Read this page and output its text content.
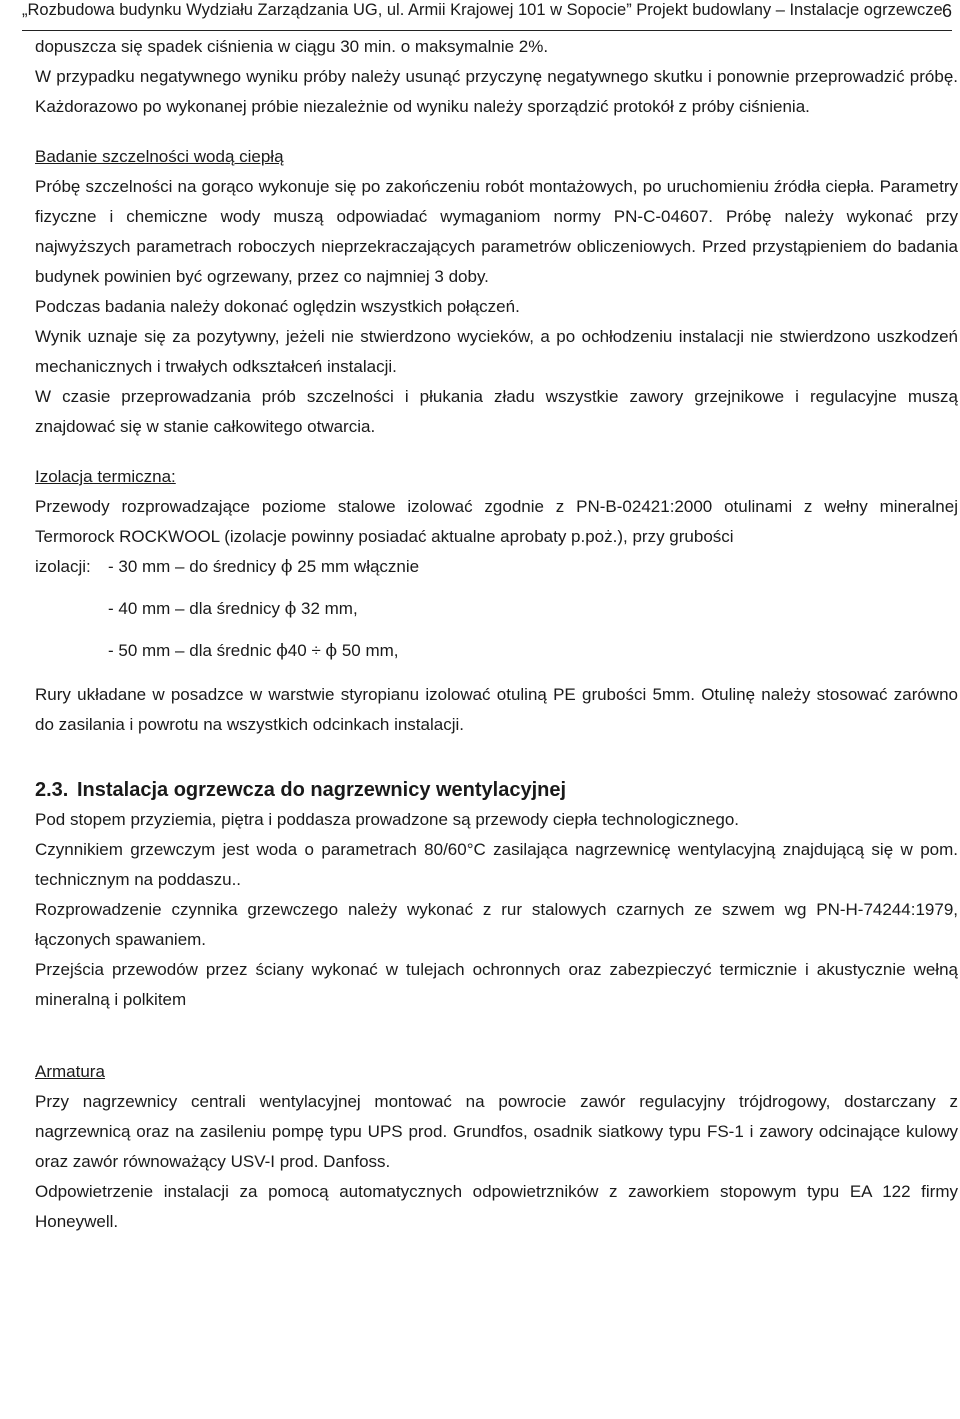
„Rozbudowa budynku Wydziału Zarządzania UG, ul. Armii Krajowej 101 w Sopocie” Projekt budowlany – Instalacje ogrzewcze 6

dopuszcza się spadek ciśnienia w ciągu 30 min. o maksymalnie 2%.

W przypadku negatywnego wyniku próby należy usunąć przyczynę negatywnego skutku i ponownie przeprowadzić próbę. Każdorazowo po wykonanej próbie niezależnie od wyniku należy sporządzić protokół z próby ciśnienia.

Badanie szczelności wodą ciepłą

Próbę szczelności na gorąco wykonuje się po zakończeniu robót montażowych, po uruchomieniu źródła ciepła. Parametry fizyczne i chemiczne wody muszą odpowiadać wymaganiom normy PN-C-04607. Próbę należy wykonać przy najwyższych parametrach roboczych nieprzekraczających parametrów obliczeniowych. Przed przystąpieniem do badania budynek powinien być ogrzewany, przez co najmniej 3 doby.

Podczas badania należy dokonać oględzin wszystkich połączeń.

Wynik uznaje się za pozytywny, jeżeli nie stwierdzono wycieków, a po ochłodzeniu instalacji nie stwierdzono uszkodzeń mechanicznych i trwałych odkształceń instalacji.

W czasie przeprowadzania prób szczelności i płukania zładu wszystkie zawory grzejnikowe i regulacyjne muszą znajdować się w stanie całkowitego otwarcia.

Izolacja termiczna:

Przewody rozprowadzające poziome stalowe izolować zgodnie z PN-B-02421:2000 otulinami z wełny mineralnej Termorock ROCKWOOL (izolacje powinny posiadać aktualne aprobaty p.poż.), przy grubości

izolacji: - 30 mm – do średnicy ϕ 25 mm włącznie
- 40 mm – dla średnicy ϕ 32 mm,
- 50 mm – dla średnic ϕ40 ÷ ϕ 50 mm,

Rury układane w posadzce w warstwie styropianu izolować otuliną PE grubości 5mm. Otulinę należy stosować zarówno do zasilania i powrotu na wszystkich odcinkach instalacji.

2.3. Instalacja ogrzewcza do nagrzewnicy wentylacyjnej

Pod stopem przyziemia, piętra i poddasza prowadzone są przewody ciepła technologicznego.

Czynnikiem grzewczym jest woda o parametrach 80/60°C zasilająca nagrzewnicę wentylacyjną znajdującą się w pom. technicznym na poddaszu..

Rozprowadzenie czynnika grzewczego należy wykonać z rur stalowych czarnych ze szwem wg PN-H-74244:1979, łączonych spawaniem.

Przejścia przewodów przez ściany wykonać w tulejach ochronnych oraz zabezpieczyć termicznie i akustycznie wełną mineralną i polkitem

Armatura

Przy nagrzewnicy centrali wentylacyjnej montować na powrocie zawór regulacyjny trójdrogowy, dostarczany z nagrzewnicą oraz na zasileniu pompę typu UPS prod. Grundfos, osadnik siatkowy typu FS-1 i zawory odcinające kulowy oraz zawór równoważący USV-I prod. Danfoss.

Odpowietrzenie instalacji za pomocą automatycznych odpowietrzników z zaworkiem stopowym typu EA 122 firmy Honeywell.
